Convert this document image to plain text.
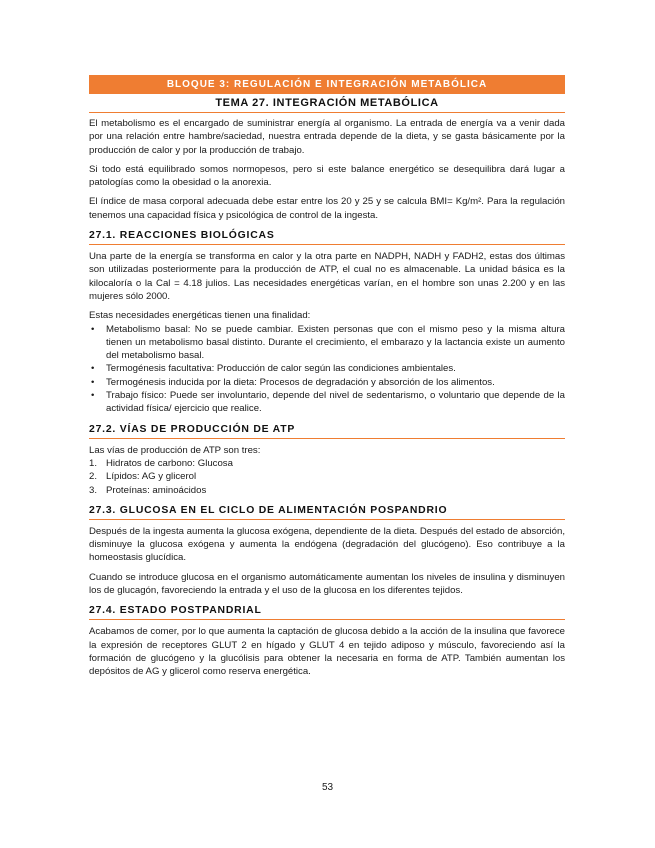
BLOQUE 3: REGULACIÓN E INTEGRACIÓN METABÓLICA
TEMA 27. INTEGRACIÓN METABÓLICA

El metabolismo es el encargado de suministrar energía al organismo. La entrada de energía va a venir dada por una relación entre hambre/saciedad, nuestra entrada depende de la dieta, y se gasta básicamente por la producción de calor y por la producción de trabajo.

Si todo está equilibrado somos normopesos, pero si este balance energético se desequilibra dará lugar a patologías como la obesidad o la anorexia.

El índice de masa corporal adecuada debe estar entre los 20 y 25 y se calcula BMI= Kg/m². Para la regulación tenemos una capacidad física y psicológica de control de la ingesta.

27.1. REACCIONES BIOLÓGICAS

Una parte de la energía se transforma en calor y la otra parte en NADPH, NADH y FADH2, estas dos últimas son utilizadas posteriormente para la producción de ATP, el cual no es almacenable. La unidad básica es la kilocaloría o la Cal = 4.18 julios. Las necesidades energéticas varían, en el hombre son unas 2.200 y en las mujeres sólo 2000.

Estas necesidades energéticas tienen una finalidad:

• Metabolismo basal: No se puede cambiar. Existen personas que con el mismo peso y la misma altura tienen un metabolismo basal distinto. Durante el crecimiento, el embarazo y la lactancia existe un aumento del metabolismo basal.
• Termogénesis facultativa: Producción de calor según las condiciones ambientales.
• Termogénesis inducida por la dieta: Procesos de degradación y absorción de los alimentos.
• Trabajo físico: Puede ser involuntario, depende del nivel de sedentarismo, o voluntario que depende de la actividad física/ ejercicio que realice.
27.2. VÍAS DE PRODUCCIÓN DE ATP

Las vías de producción de ATP son tres:

1. Hidratos de carbono: Glucosa
2. Lípidos: AG y glicerol
3. Proteínas: aminoácidos
27.3. GLUCOSA EN EL CICLO DE ALIMENTACIÓN POSPANDRIO

Después de la ingesta aumenta la glucosa exógena, dependiente de la dieta. Después del estado de absorción, disminuye la glucosa exógena y aumenta la endógena (degradación del glucógeno). Eso contribuye a la homeostasis glucídica.

Cuando se introduce glucosa en el organismo automáticamente aumentan los niveles de insulina y disminuyen los de glucagón, favoreciendo la entrada y el uso de la glucosa en los diferentes tejidos.

27.4. ESTADO POSTPANDRIAL

Acabamos de comer, por lo que aumenta la captación de glucosa debido a la acción de la insulina que favorece la expresión de receptores GLUT 2 en hígado y GLUT 4 en tejido adiposo y músculo, favoreciendo así la formación de glucógeno y la glucólisis para obtener la necesaria en forma de ATP. También aumentan los depósitos de AG y glicerol como reserva energética.

53
